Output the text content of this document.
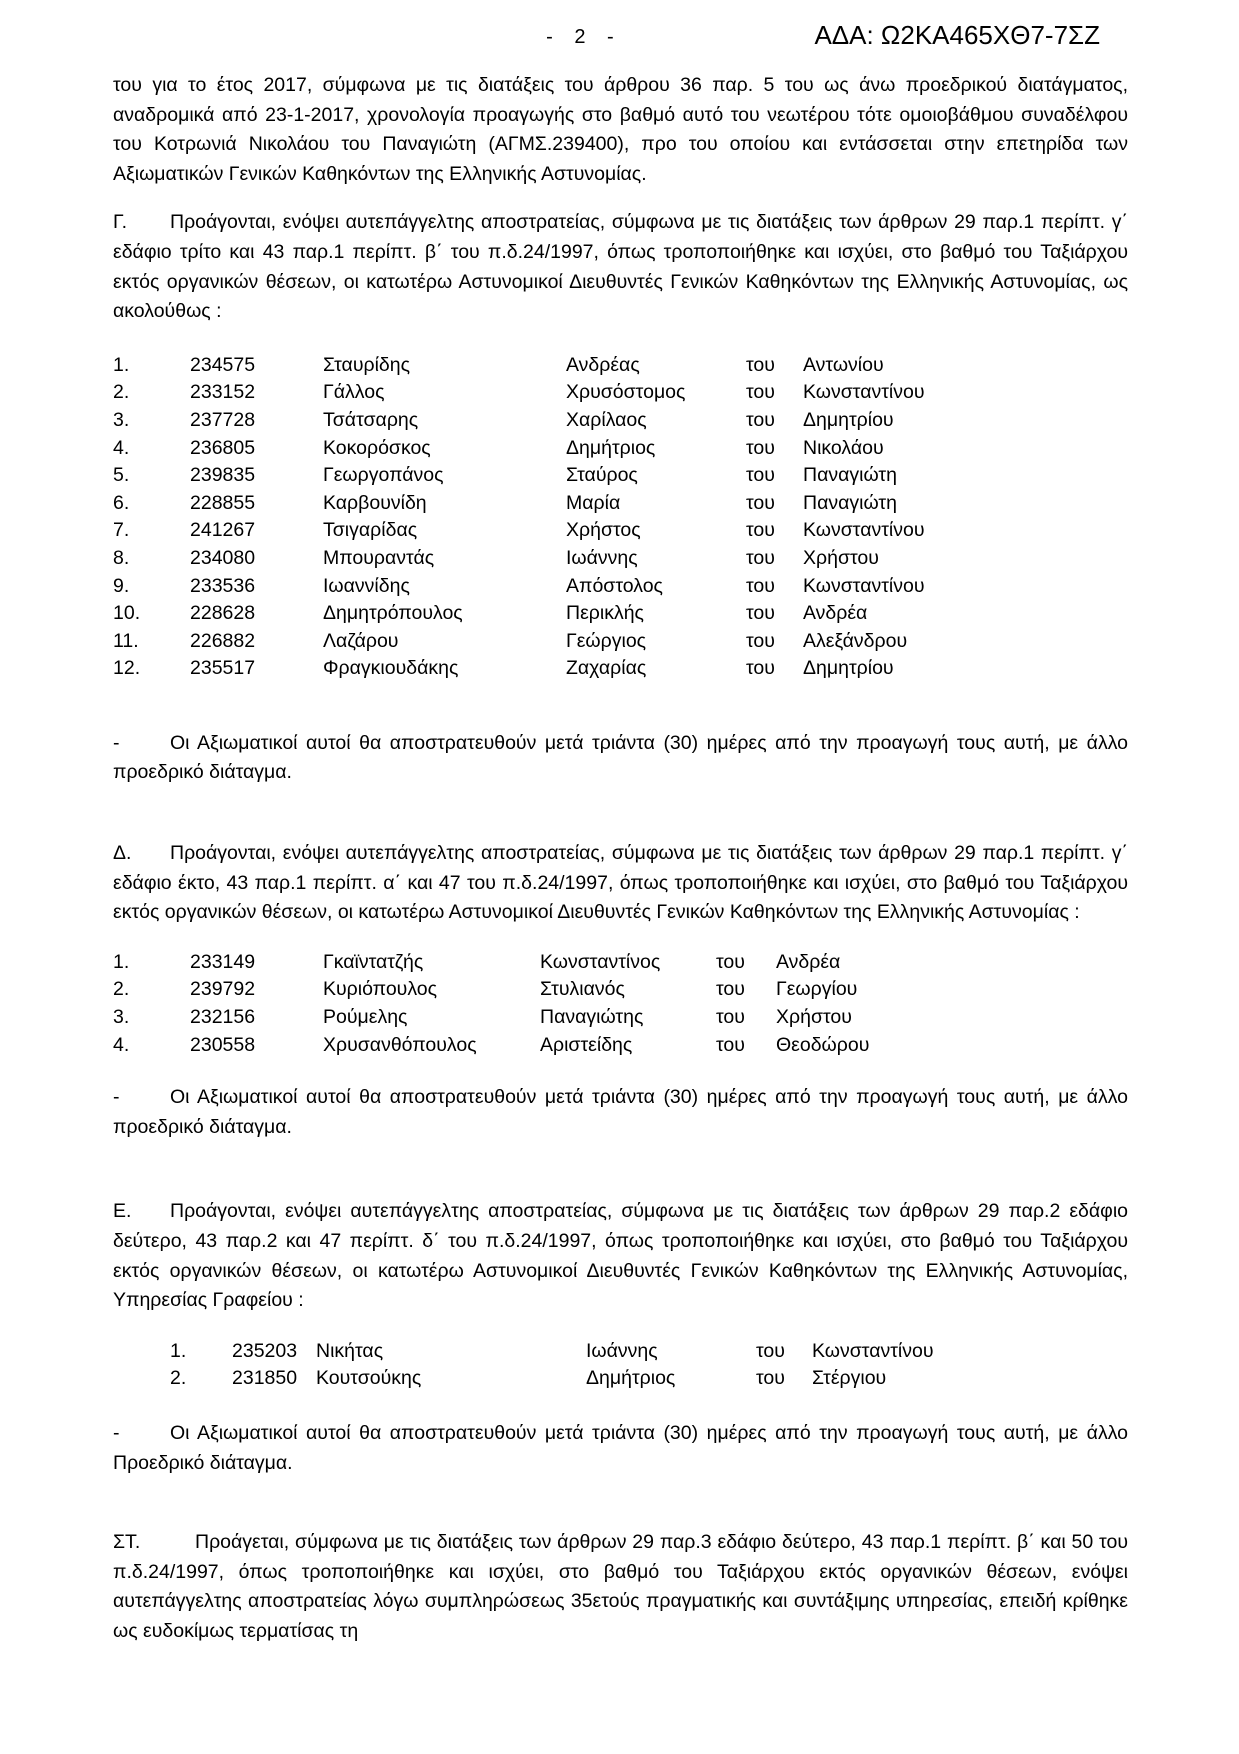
- 2 -	ΑΔΑ: Ω2ΚΑ465ΧΘ7-7ΣΖ

του για το έτος 2017, σύμφωνα με τις διατάξεις του άρθρου 36 παρ. 5 του ως άνω προεδρικού διατάγματος, αναδρομικά από 23-1-2017, χρονολογία προαγωγής στο βαθμό αυτό του νεωτέρου τότε ομοιοβάθμου συναδέλφου του Κοτρωνιά Νικολάου του Παναγιώτη (ΑΓΜΣ.239400), προ του οποίου και εντάσσεται στην επετηρίδα των Αξιωματικών Γενικών Καθηκόντων της Ελληνικής Αστυνομίας.

Γ. Προάγονται, ενόψει αυτεπάγγελτης αποστρατείας, σύμφωνα με τις διατάξεις των άρθρων 29 παρ.1 περίπτ. γ΄ εδάφιο τρίτο και 43 παρ.1 περίπτ. β΄ του π.δ.24/1997, όπως τροποποιήθηκε και ισχύει, στο βαθμό του Ταξιάρχου εκτός οργανικών θέσεων, οι κατωτέρω Αστυνομικοί Διευθυντές Γενικών Καθηκόντων της Ελληνικής Αστυνομίας, ως ακολούθως :

1.	234575	Σταυρίδης	Ανδρέας	του	Αντωνίου
2.	233152	Γάλλος	Χρυσόστομος	του	Κωνσταντίνου
3.	237728	Τσάτσαρης	Χαρίλαος	του	Δημητρίου
4.	236805	Κοκορόσκος	Δημήτριος	του	Νικολάου
5.	239835	Γεωργοπάνος	Σταύρος	του	Παναγιώτη
6.	228855	Καρβουνίδη	Μαρία	του	Παναγιώτη
7.	241267	Τσιγαρίδας	Χρήστος	του	Κωνσταντίνου
8.	234080	Μπουραντάς	Ιωάννης	του	Χρήστου
9.	233536	Ιωαννίδης	Απόστολος	του	Κωνσταντίνου
10.	228628	Δημητρόπουλος	Περικλής	του	Ανδρέα
11.	226882	Λαζάρου	Γεώργιος	του	Αλεξάνδρου
12.	235517	Φραγκιουδάκης	Ζαχαρίας	του	Δημητρίου

-	Οι Αξιωματικοί αυτοί θα αποστρατευθούν μετά τριάντα (30) ημέρες από την προαγωγή τους αυτή, με άλλο προεδρικό διάταγμα.

Δ. Προάγονται, ενόψει αυτεπάγγελτης αποστρατείας, σύμφωνα με τις διατάξεις των άρθρων 29 παρ.1 περίπτ. γ΄ εδάφιο έκτο, 43 παρ.1 περίπτ. α΄ και 47 του π.δ.24/1997, όπως τροποποιήθηκε και ισχύει, στο βαθμό του Ταξιάρχου εκτός οργανικών θέσεων, οι κατωτέρω Αστυνομικοί Διευθυντές Γενικών Καθηκόντων της Ελληνικής Αστυνομίας :

1.	233149	Γκαϊντατζής	Κωνσταντίνος	του	Ανδρέα
2.	239792	Κυριόπουλος	Στυλιανός	του	Γεωργίου
3.	232156	Ρούμελης	Παναγιώτης	του	Χρήστου
4.	230558	Χρυσανθόπουλος	Αριστείδης	του	Θεοδώρου

-	Οι Αξιωματικοί αυτοί θα αποστρατευθούν μετά τριάντα (30) ημέρες από την προαγωγή τους αυτή, με άλλο προεδρικό διάταγμα.

Ε. Προάγονται, ενόψει αυτεπάγγελτης αποστρατείας, σύμφωνα με τις διατάξεις των άρθρων 29 παρ.2 εδάφιο δεύτερο, 43 παρ.2 και 47 περίπτ. δ΄ του π.δ.24/1997, όπως τροποποιήθηκε και ισχύει, στο βαθμό του Ταξιάρχου εκτός οργανικών θέσεων, οι κατωτέρω Αστυνομικοί Διευθυντές Γενικών Καθηκόντων της Ελληνικής Αστυνομίας, Υπηρεσίας Γραφείου :

1.	235203 Νικήτας	Ιωάννης	του	Κωνσταντίνου
2.	231850 Κουτσούκης	Δημήτριος	του	Στέργιου

-	Οι Αξιωματικοί αυτοί θα αποστρατευθούν μετά τριάντα (30) ημέρες από την προαγωγή τους αυτή, με άλλο Προεδρικό διάταγμα.

ΣΤ.	Προάγεται, σύμφωνα με τις διατάξεις των άρθρων 29 παρ.3 εδάφιο δεύτερο, 43 παρ.1 περίπτ. β΄ και 50 του π.δ.24/1997, όπως τροποποιήθηκε και ισχύει, στο βαθμό του Ταξιάρχου εκτός οργανικών θέσεων, ενόψει αυτεπάγγελτης αποστρατείας λόγω συμπληρώσεως 35ετούς πραγματικής και συντάξιμης υπηρεσίας, επειδή κρίθηκε ως ευδοκίμως τερματίσας τη
